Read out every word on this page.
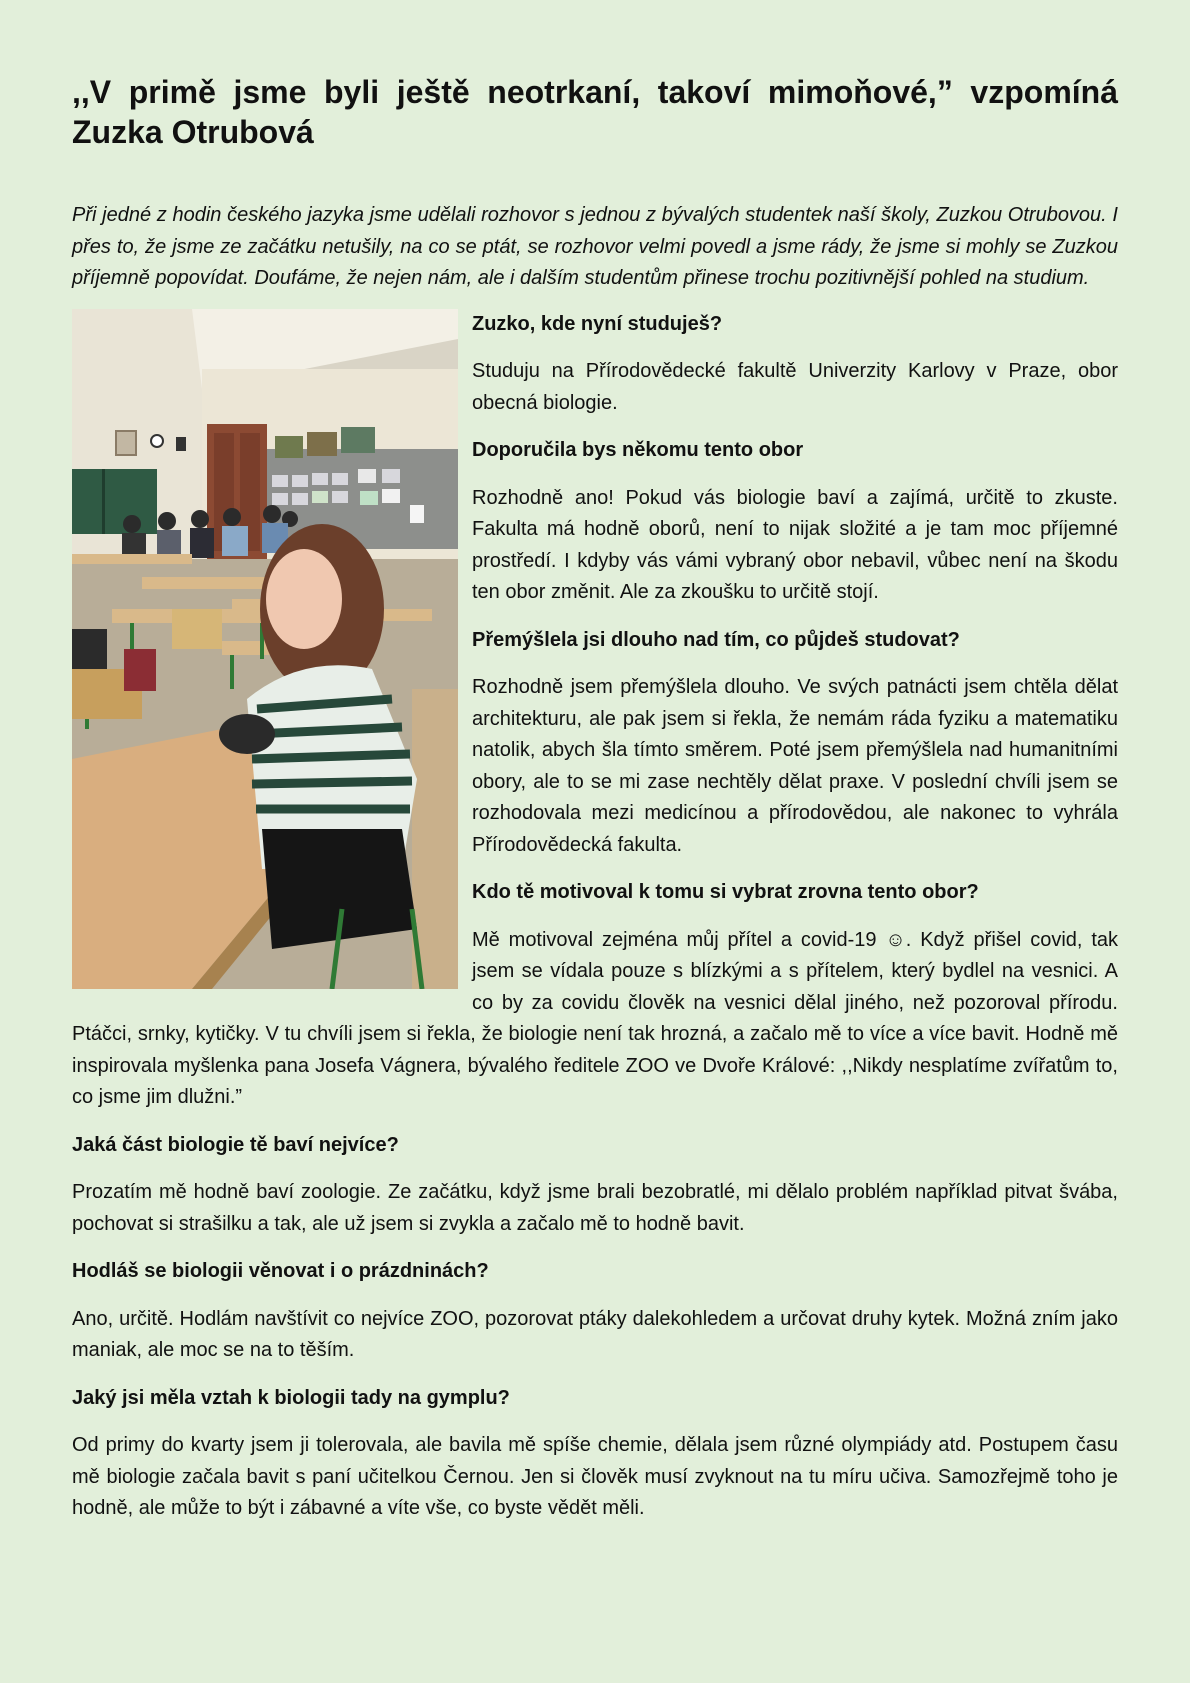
,,V primě jsme byli ještě neotrkaní, takoví mimoňové,” vzpomíná Zuzka Otrubová

Při jedné z hodin českého jazyka jsme udělali rozhovor s jednou z bývalých studentek naší školy, Zuzkou Otrubovou. I přes to, že jsme ze začátku netušily, na co se ptát, se rozhovor velmi povedl a jsme rády, že jsme si mohly se Zuzkou příjemně popovídat. Doufáme, že nejen nám, ale i dalším studentům přinese trochu pozitivnější pohled na studium.

Zuzko, kde nyní studuješ?

Studuju na Přírodovědecké fakultě Univerzity Karlovy v Praze, obor obecná biologie.

Doporučila bys někomu tento obor

Rozhodně ano! Pokud vás biologie baví a zajímá, určitě to zkuste. Fakulta má hodně oborů, není to nijak složité a je tam moc příjemné prostředí. I kdyby vás vámi vybraný obor nebavil, vůbec není na škodu ten obor změnit. Ale za zkoušku to určitě stojí.

Přemýšlela jsi dlouho nad tím, co půjdeš studovat?

Rozhodně jsem přemýšlela dlouho. Ve svých patnácti jsem chtěla dělat architekturu, ale pak jsem si řekla, že nemám ráda fyziku a matematiku natolik, abych šla tímto směrem. Poté jsem přemýšlela nad humanitními obory, ale to se mi zase nechtěly dělat praxe. V poslední chvíli jsem se rozhodovala mezi medicínou a přírodovědou, ale nakonec to vyhrála Přírodovědecká fakulta.

Kdo tě motivoval k tomu si vybrat zrovna tento obor?

Mě motivoval zejména můj přítel a covid-19 ☺. Když přišel covid, tak jsem se vídala pouze s blízkými a s přítelem, který bydlel na vesnici. A co by za covidu člověk na vesnici dělal jiného, než pozoroval přírodu. Ptáčci, srnky, kytičky. V tu chvíli jsem si řekla, že biologie není tak hrozná, a začalo mě to více a více bavit. Hodně mě inspirovala myšlenka pana Josefa Vágnera, bývalého ředitele ZOO ve Dvoře Králové: ,,Nikdy nesplatíme zvířatům to, co jsme jim dlužni.”

Jaká část biologie tě baví nejvíce?

Prozatím mě hodně baví zoologie. Ze začátku, když jsme brali bezobratlé, mi dělalo problém například pitvat švába, pochovat si strašilku a tak, ale už jsem si zvykla a začalo mě to hodně bavit.

Hodláš se biologii věnovat i o prázdninách?

Ano, určitě. Hodlám navštívit co nejvíce ZOO, pozorovat ptáky dalekohledem a určovat druhy kytek. Možná zním jako maniak, ale moc se na to těším.

Jaký jsi měla vztah k biologii tady na gymplu?

Od primy do kvarty jsem ji tolerovala, ale bavila mě spíše chemie, dělala jsem různé olympiády atd. Postupem času mě biologie začala bavit s paní učitelkou Černou. Jen si člověk musí zvyknout na tu míru učiva. Samozřejmě toho je hodně, ale může to být i zábavné a víte vše, co byste vědět měli.
